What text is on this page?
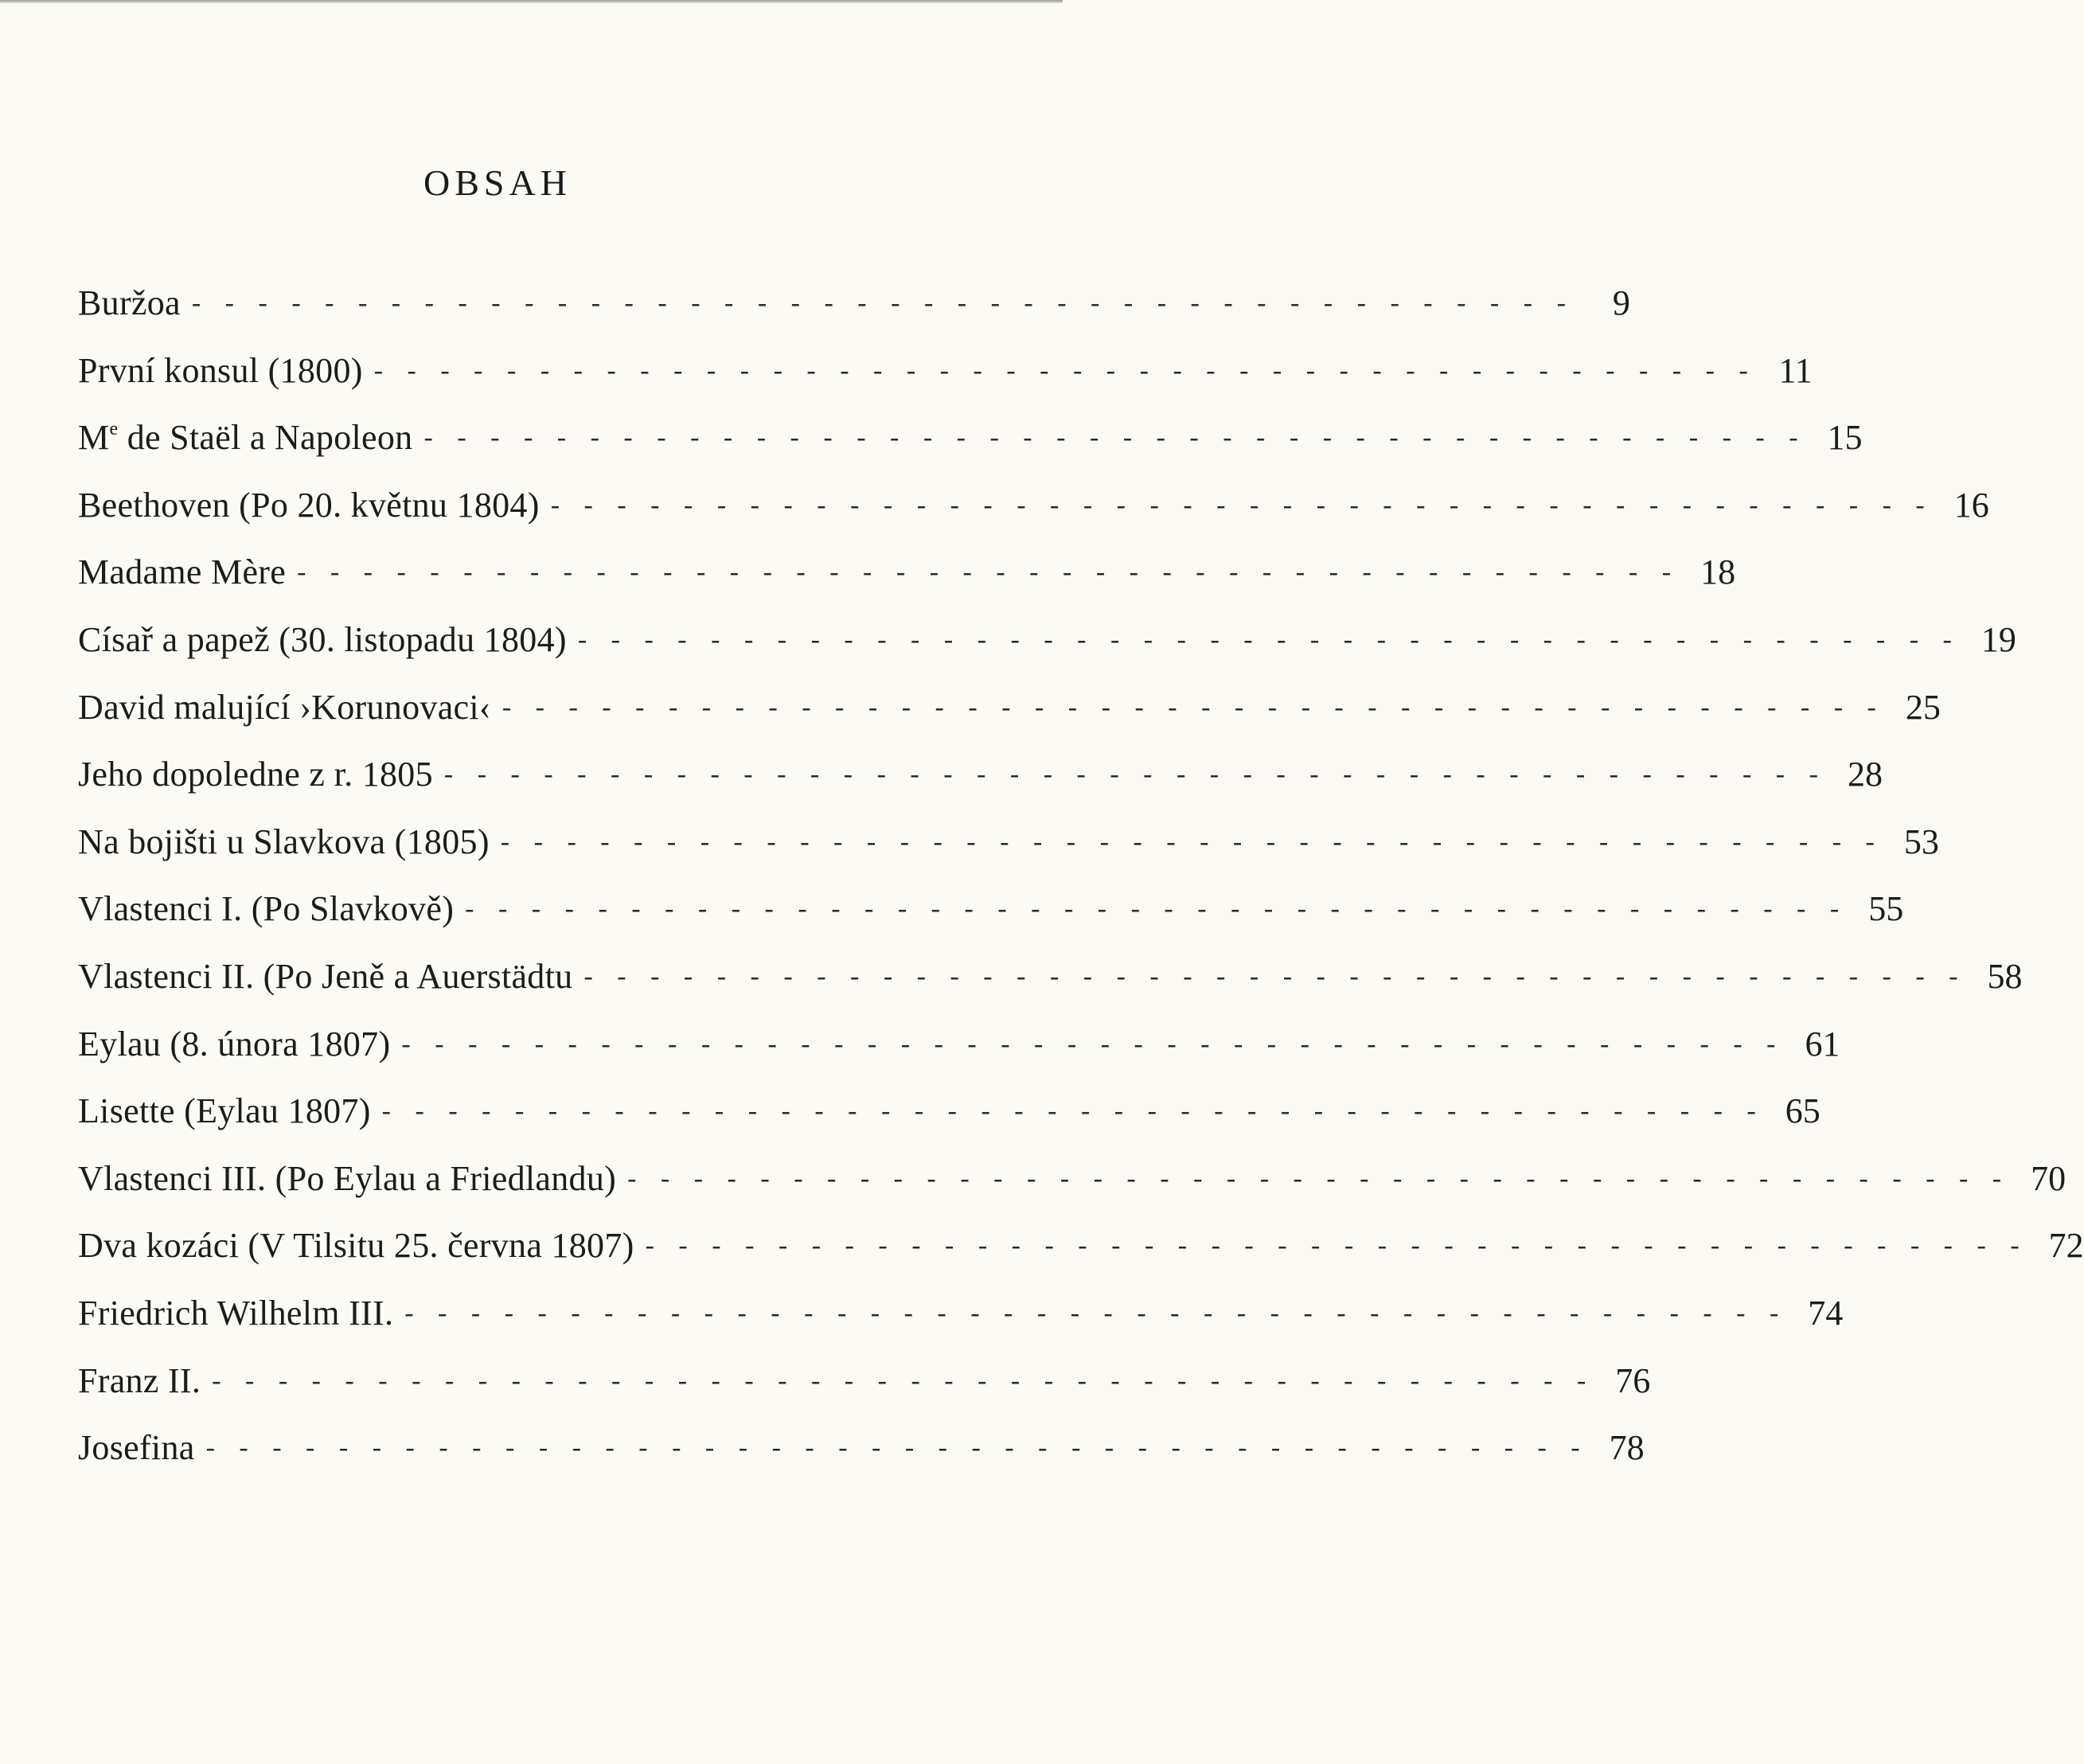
OBSAH
Buržoa - - - - - - - - - - - - - - - - - - - - - - - - - - - - - - - - - - - - - - - - - -	9
První konsul (1800) - - - - - - - - - - - - - - - - - - - - - - - - - - - - - - - - - - - - - - - - - - 11
Me de Staël a Napoleon - - - - - - - - - - - - - - - - - - - - - - - - - - - - - - - - - - - - - - - - - - 15
Beethoven (Po 20. květnu 1804) - - - - - - - - - - - - - - - - - - - - - - - - - - - - - - - - - - - - - - - - - - 16
Madame Mère - - - - - - - - - - - - - - - - - - - - - - - - - - - - - - - - - - - - - - - - - - 18
Císař a papež (30. listopadu 1804) - - - - - - - - - - - - - - - - - - - - - - - - - - - - - - - - - - - - - - - - - - 19
David malující ›Korunovaci‹ - - - - - - - - - - - - - - - - - - - - - - - - - - - - - - - - - - - - - - - - - - 25
Jeho dopoledne z r. 1805 - - - - - - - - - - - - - - - - - - - - - - - - - - - - - - - - - - - - - - - - - - 28
Na bojišti u Slavkova (1805) - - - - - - - - - - - - - - - - - - - - - - - - - - - - - - - - - - - - - - - - - - 53
Vlastenci I. (Po Slavkově) - - - - - - - - - - - - - - - - - - - - - - - - - - - - - - - - - - - - - - - - - - 55
Vlastenci II. (Po Jeně a Auerstädtu - - - - - - - - - - - - - - - - - - - - - - - - - - - - - - - - - - - - - - - - - - 58
Eylau (8. února 1807) - - - - - - - - - - - - - - - - - - - - - - - - - - - - - - - - - - - - - - - - - - 61
Lisette (Eylau 1807) - - - - - - - - - - - - - - - - - - - - - - - - - - - - - - - - - - - - - - - - - - 65
Vlastenci III. (Po Eylau a Friedlandu) - - - - - - - - - - - - - - - - - - - - - - - - - - - - - - - - - - - - - - - - - - 70
Dva kozáci (V Tilsitu 25. června 1807) - - - - - - - - - - - - - - - - - - - - - - - - - - - - - - - - - - - - - - - - - - 72
Friedrich Wilhelm III. - - - - - - - - - - - - - - - - - - - - - - - - - - - - - - - - - - - - - - - - - - 74
Franz II. - - - - - - - - - - - - - - - - - - - - - - - - - - - - - - - - - - - - - - - - - - 76
Josefina - - - - - - - - - - - - - - - - - - - - - - - - - - - - - - - - - - - - - - - - - - 78
